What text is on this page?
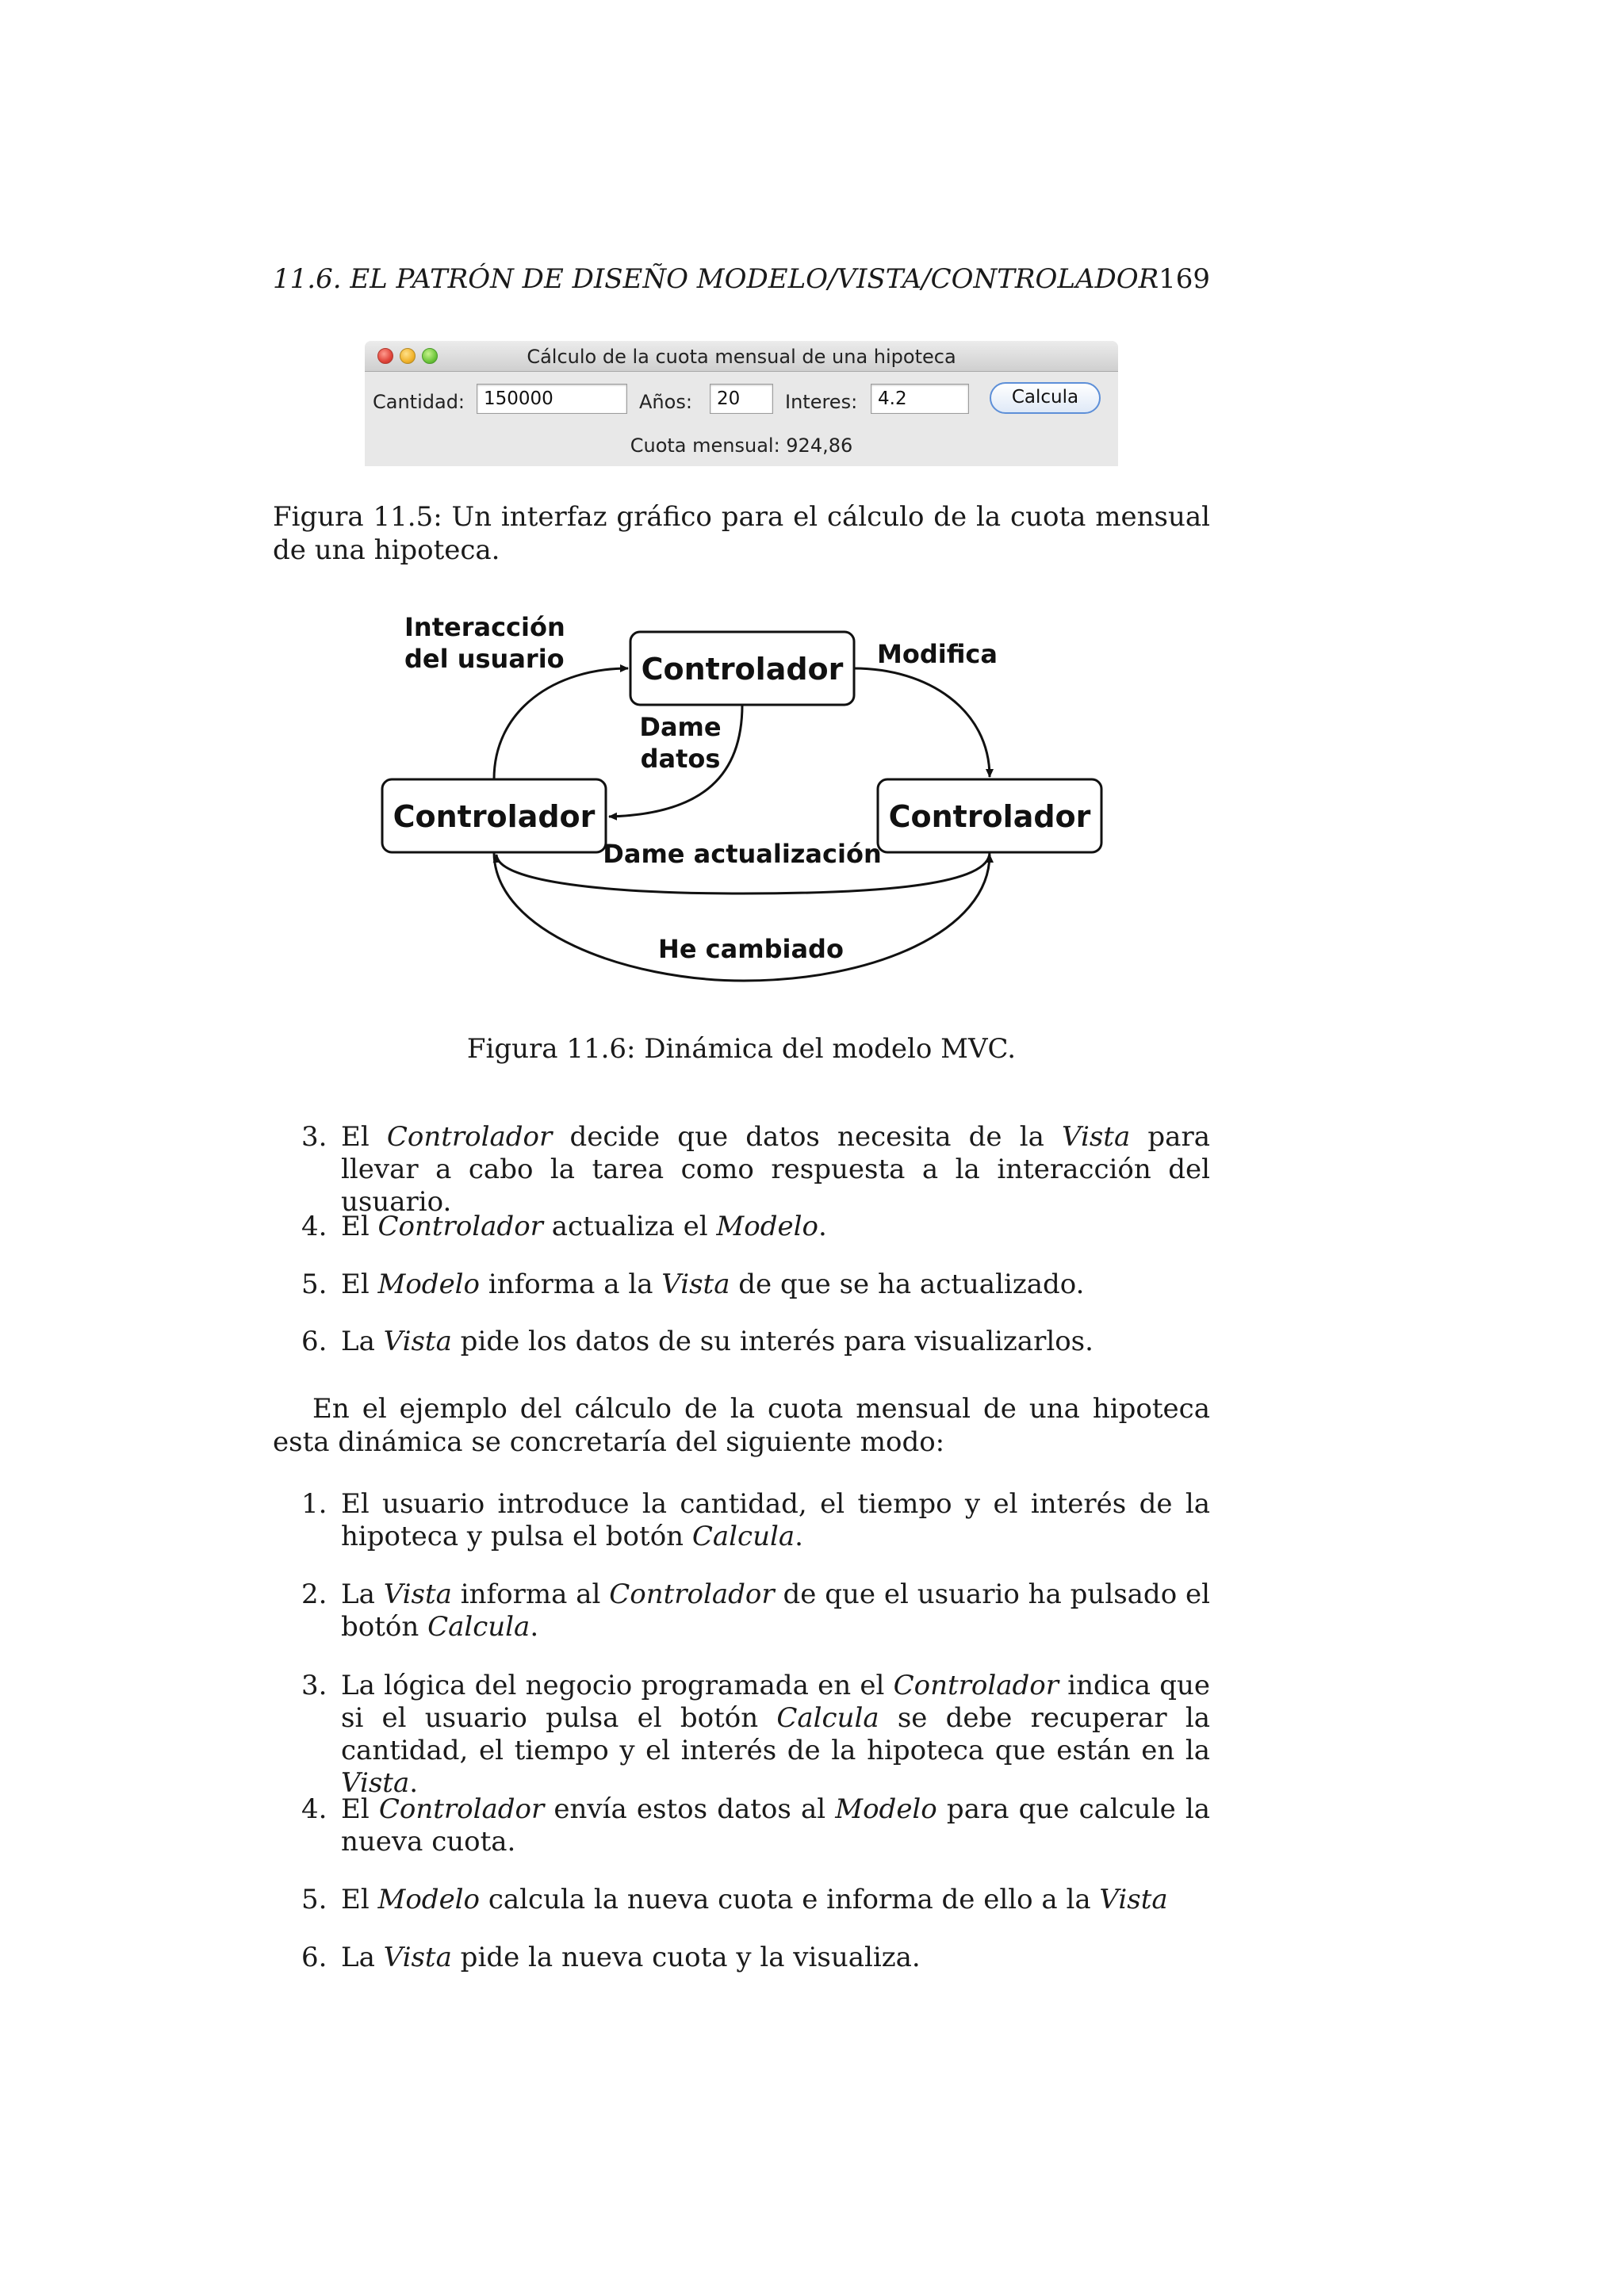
11.6. EL PATRÓN DE DISEÑO MODELO/VISTA/CONTROLADOR 169
Cálculo de la cuota mensual de una hipoteca
Cantidad:	150000	Años:	20	Interes:	4.2	Calcula
Cuota mensual: 924,86
Figura 11.5: Un interfaz gráfico para el cálculo de la cuota mensual de una hipoteca.
Controlador
Controlador	Controlador
Interacción
del usuario	Modifica
Dame
datos
Dame actualización
He cambiado
Figura 11.6: Dinámica del modelo MVC.
3. El Controlador decide que datos necesita de la Vista para llevar a cabo la tarea como respuesta a la interacción del usuario.
4. El Controlador actualiza el Modelo.
5. El Modelo informa a la Vista de que se ha actualizado.
6. La Vista pide los datos de su interés para visualizarlos.
En el ejemplo del cálculo de la cuota mensual de una hipoteca esta dinámica se concretaría del siguiente modo:
1. El usuario introduce la cantidad, el tiempo y el interés de la hipoteca y pulsa el botón Calcula.
2. La Vista informa al Controlador de que el usuario ha pulsado el botón Calcula.
3. La lógica del negocio programada en el Controlador indica que si el usuario pulsa el botón Calcula se debe recuperar la cantidad, el tiempo y el interés de la hipoteca que están en la Vista.
4. El Controlador envía estos datos al Modelo para que calcule la nueva cuota.
5. El Modelo calcula la nueva cuota e informa de ello a la Vista
6. La Vista pide la nueva cuota y la visualiza.
